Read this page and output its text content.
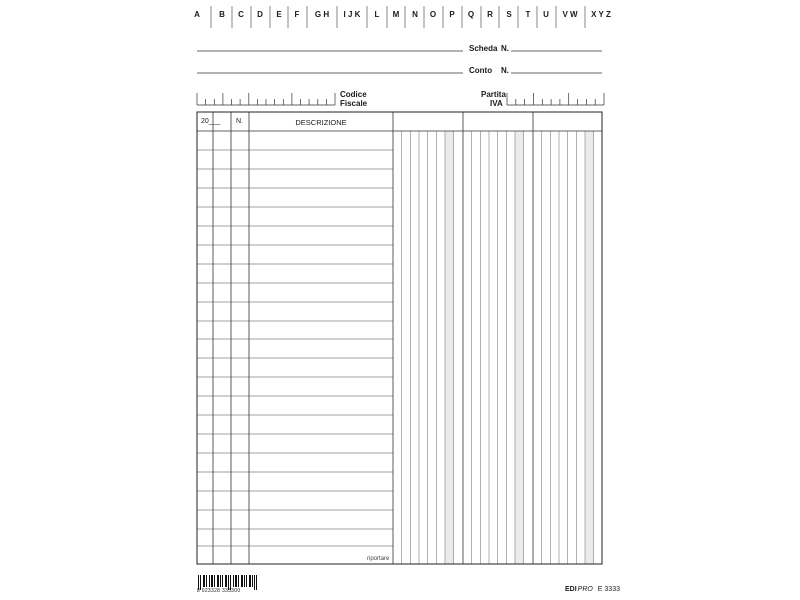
A B C D E F G H I J K L M N O P Q R S T U V W X Y Z
Scheda N.
Conto N.
Codice
Fiscale
Partita
IVA
20___ N.	DESCRIZIONE
riportare
8 023328 333300	EDIPRO E 3333
